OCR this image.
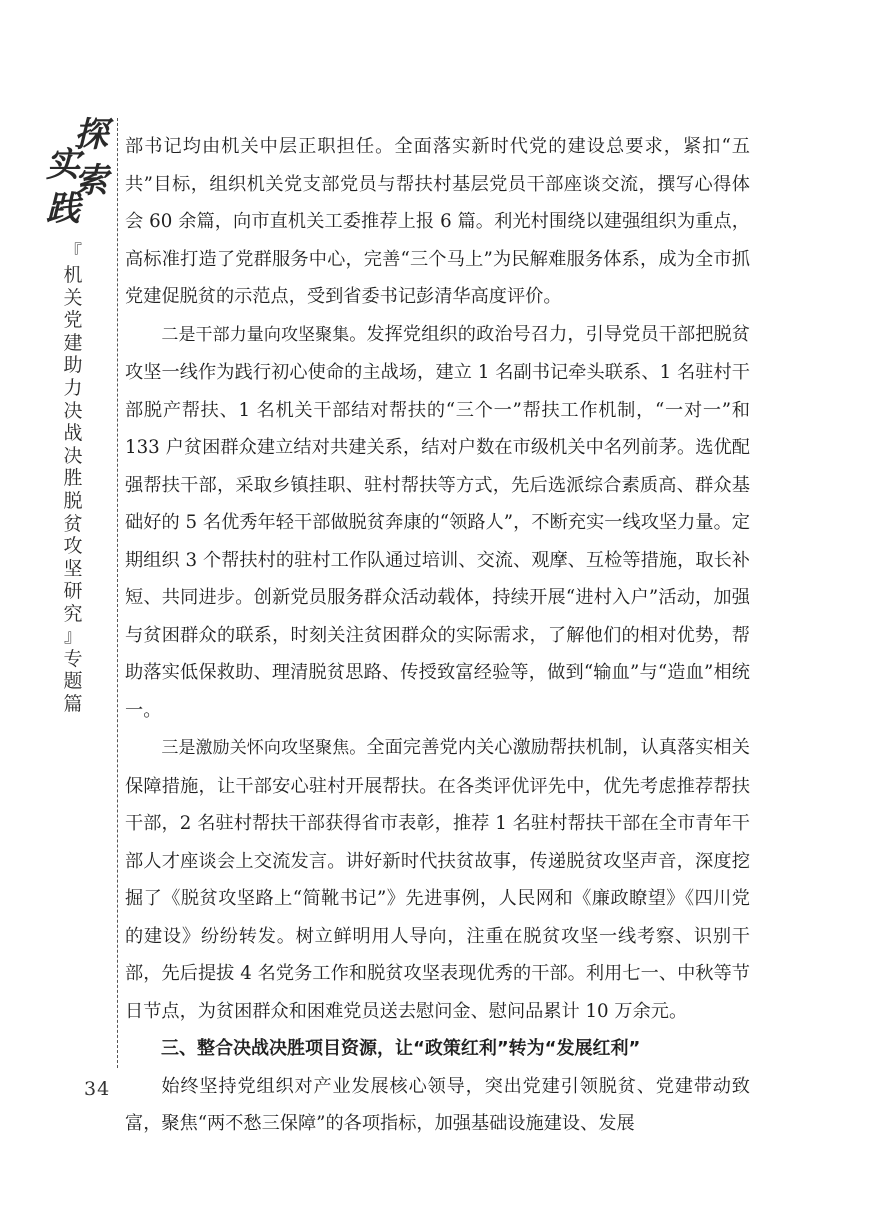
探
实
索
践
『
机
关
党
建
助
力
决
战
决
胜
脱
贫
攻
坚
研
究
』
专
题
篇
34

部书记均由机关中层正职担任。全面落实新时代党的建设总要求，紧扣“五共”目标，组织机关党支部党员与帮扶村基层党员干部座谈交流，撰写心得体会 60 余篇，向市直机关工委推荐上报 6 篇。利光村围绕以建强组织为重点，高标准打造了党群服务中心，完善“三个马上”为民解难服务体系，成为全市抓党建促脱贫的示范点，受到省委书记彭清华高度评价。

二是干部力量向攻坚聚集。发挥党组织的政治号召力，引导党员干部把脱贫攻坚一线作为践行初心使命的主战场，建立 1 名副书记牵头联系、1 名驻村干部脱产帮扶、1 名机关干部结对帮扶的“三个一”帮扶工作机制，“一对一”和 133 户贫困群众建立结对共建关系，结对户数在市级机关中名列前茅。选优配强帮扶干部，采取乡镇挂职、驻村帮扶等方式，先后选派综合素质高、群众基础好的 5 名优秀年轻干部做脱贫奔康的“领路人”，不断充实一线攻坚力量。定期组织 3 个帮扶村的驻村工作队通过培训、交流、观摩、互检等措施，取长补短、共同进步。创新党员服务群众活动载体，持续开展“进村入户”活动，加强与贫困群众的联系，时刻关注贫困群众的实际需求，了解他们的相对优势，帮助落实低保救助、理清脱贫思路、传授致富经验等，做到“输血”与“造血”相统一。

三是激励关怀向攻坚聚焦。全面完善党内关心激励帮扶机制，认真落实相关保障措施，让干部安心驻村开展帮扶。在各类评优评先中，优先考虑推荐帮扶干部，2 名驻村帮扶干部获得省市表彰，推荐 1 名驻村帮扶干部在全市青年干部人才座谈会上交流发言。讲好新时代扶贫故事，传递脱贫攻坚声音，深度挖掘了《脱贫攻坚路上“简靴书记”》先进事例，人民网和《廉政瞭望》《四川党的建设》纷纷转发。树立鲜明用人导向，注重在脱贫攻坚一线考察、识别干部，先后提拔 4 名党务工作和脱贫攻坚表现优秀的干部。利用七一、中秋等节日节点，为贫困群众和困难党员送去慰问金、慰问品累计 10 万余元。

三、整合决战决胜项目资源，让“政策红利”转为“发展红利”

始终坚持党组织对产业发展核心领导，突出党建引领脱贫、党建带动致富，聚焦“两不愁三保障”的各项指标，加强基础设施建设、发展
